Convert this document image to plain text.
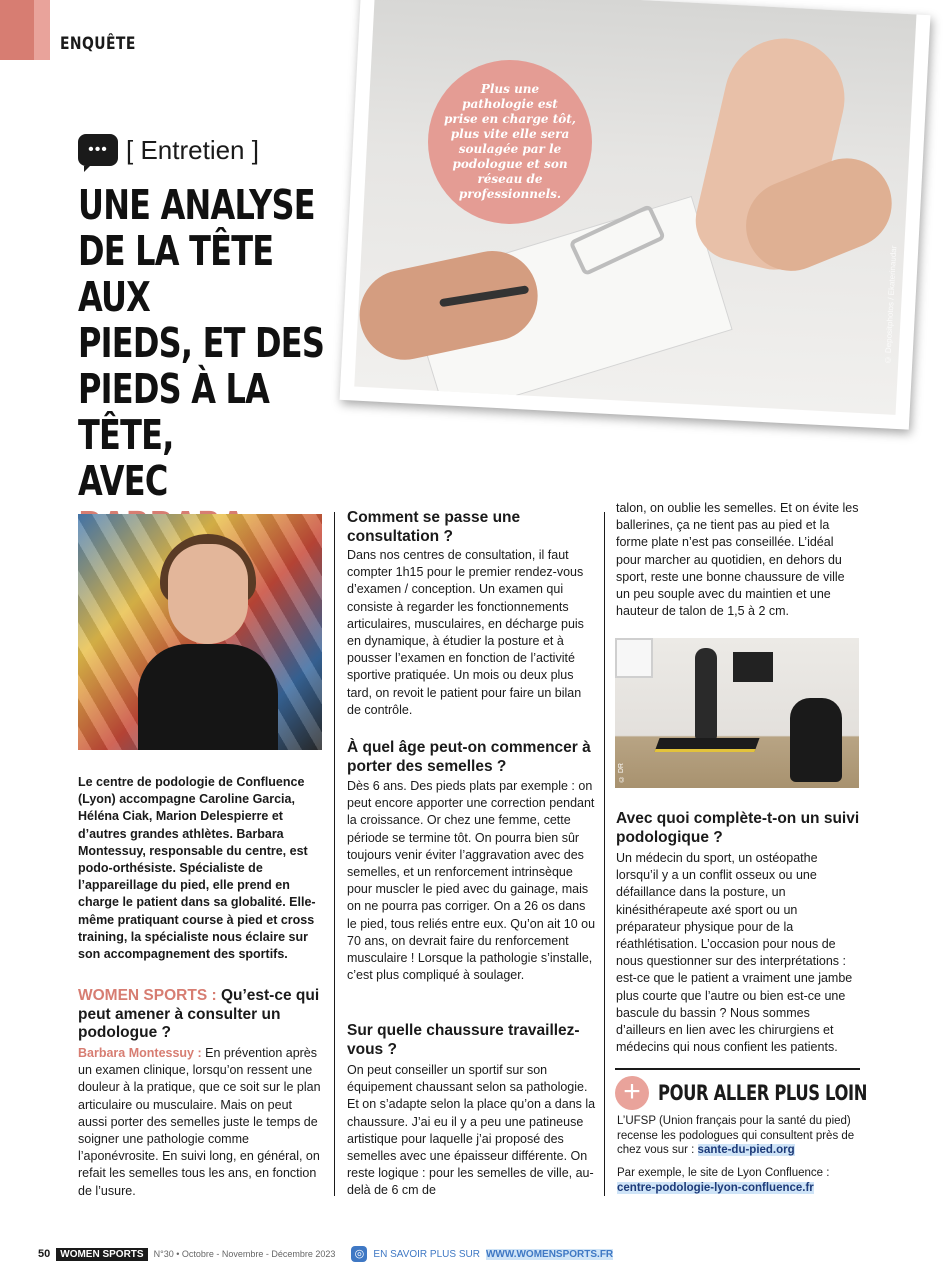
ENQUÊTE
© Depositphotos / Ekaterinaudar
Plus une pathologie est prise en charge tôt, plus vite elle sera soulagée par le podologue et son réseau de professionnels.
••• [ Entretien ]
UNE ANALYSE
DE LA TÊTE AUX
PIEDS, ET DES
PIEDS À LA TÊTE,
AVEC
Le centre de podologie de Confluence (Lyon) accompagne Caroline Garcia, Héléna Ciak, Marion Delespierre et d’autres grandes athlètes. Barbara Montessuy, responsable du centre, est podo-orthésiste. Spécialiste de l’appareillage du pied, elle prend en charge le patient dans sa globalité. Elle-même pratiquant course à pied et cross training, la spécialiste nous éclaire sur son accompagnement des sportifs.
WOMEN SPORTS : Qu’est-ce qui peut amener à consulter un podologue ?
Barbara Montessuy : En prévention après un examen clinique, lorsqu’on ressent une douleur à la pratique, que ce soit sur le plan articulaire ou musculaire. Mais on peut aussi porter des semelles juste le temps de soigner une pathologie comme l’aponévrosite. En suivi long, en général, on refait les semelles tous les ans, en fonction de l’usure.
Comment se passe une consultation ?
Dans nos centres de consultation, il faut compter 1h15 pour le premier rendez-vous d’examen / conception. Un examen qui consiste à regarder les fonctionnements articulaires, musculaires, en décharge puis en dynamique, à étudier la posture et à pousser l’examen en fonction de l’activité sportive pratiquée. Un mois ou deux plus tard, on revoit le patient pour faire un bilan de contrôle.
À quel âge peut-on commencer à porter des semelles ?
Dès 6 ans. Des pieds plats par exemple : on peut encore apporter une correction pendant la croissance. Or chez une femme, cette période se termine tôt. On pourra bien sûr toujours venir éviter l’aggravation avec des semelles, et un renforcement intrinsèque pour muscler le pied avec du gainage, mais on ne pourra pas corriger. On a 26 os dans le pied, tous reliés entre eux. Qu’on ait 10 ou 70 ans, on devrait faire du renforcement musculaire ! Lorsque la pathologie s’installe, c’est plus compliqué à soulager.
Sur quelle chaussure travaillez-vous ?
On peut conseiller un sportif sur son équipement chaussant selon sa pathologie. Et on s’adapte selon la place qu’on a dans la chaussure. J’ai eu il y a peu une patineuse artistique pour laquelle j’ai proposé des semelles avec une épaisseur différente. On reste logique : pour les semelles de ville, au-delà de 6 cm de
talon, on oublie les semelles. Et on évite les ballerines, ça ne tient pas au pied et la forme plate n’est pas conseillée. L’idéal pour marcher au quotidien, en dehors du sport, reste une bonne chaussure de ville un peu souple avec du maintien et une hauteur de talon de 1,5 à 2 cm.
© DR
Avec quoi complète-t-on un suivi podologique ?
Un médecin du sport, un ostéopathe lorsqu’il y a un conflit osseux ou une défaillance dans la posture, un kinésithérapeute axé sport ou un préparateur physique pour de la réathlétisation. L’occasion pour nous de nous questionner sur des interprétations : est-ce que le patient a vraiment une jambe plus courte que l’autre ou bien est-ce une bascule du bassin ? Nous sommes d’ailleurs en lien avec les chirurgiens et médecins qui nous confient les patients.
+ POUR ALLER PLUS LOIN
L’UFSP (Union français pour la santé du pied) recense les podologues qui consultent près de chez vous sur : sante-du-pied.org
Par exemple, le site de Lyon Confluence :
centre-podologie-lyon-confluence.fr
50	WOMEN SPORTS	N°30 • Octobre - Novembre - Décembre 2023 ◎ EN SAVOIR PLUS SUR WWW.WOMENSPORTS.FR
